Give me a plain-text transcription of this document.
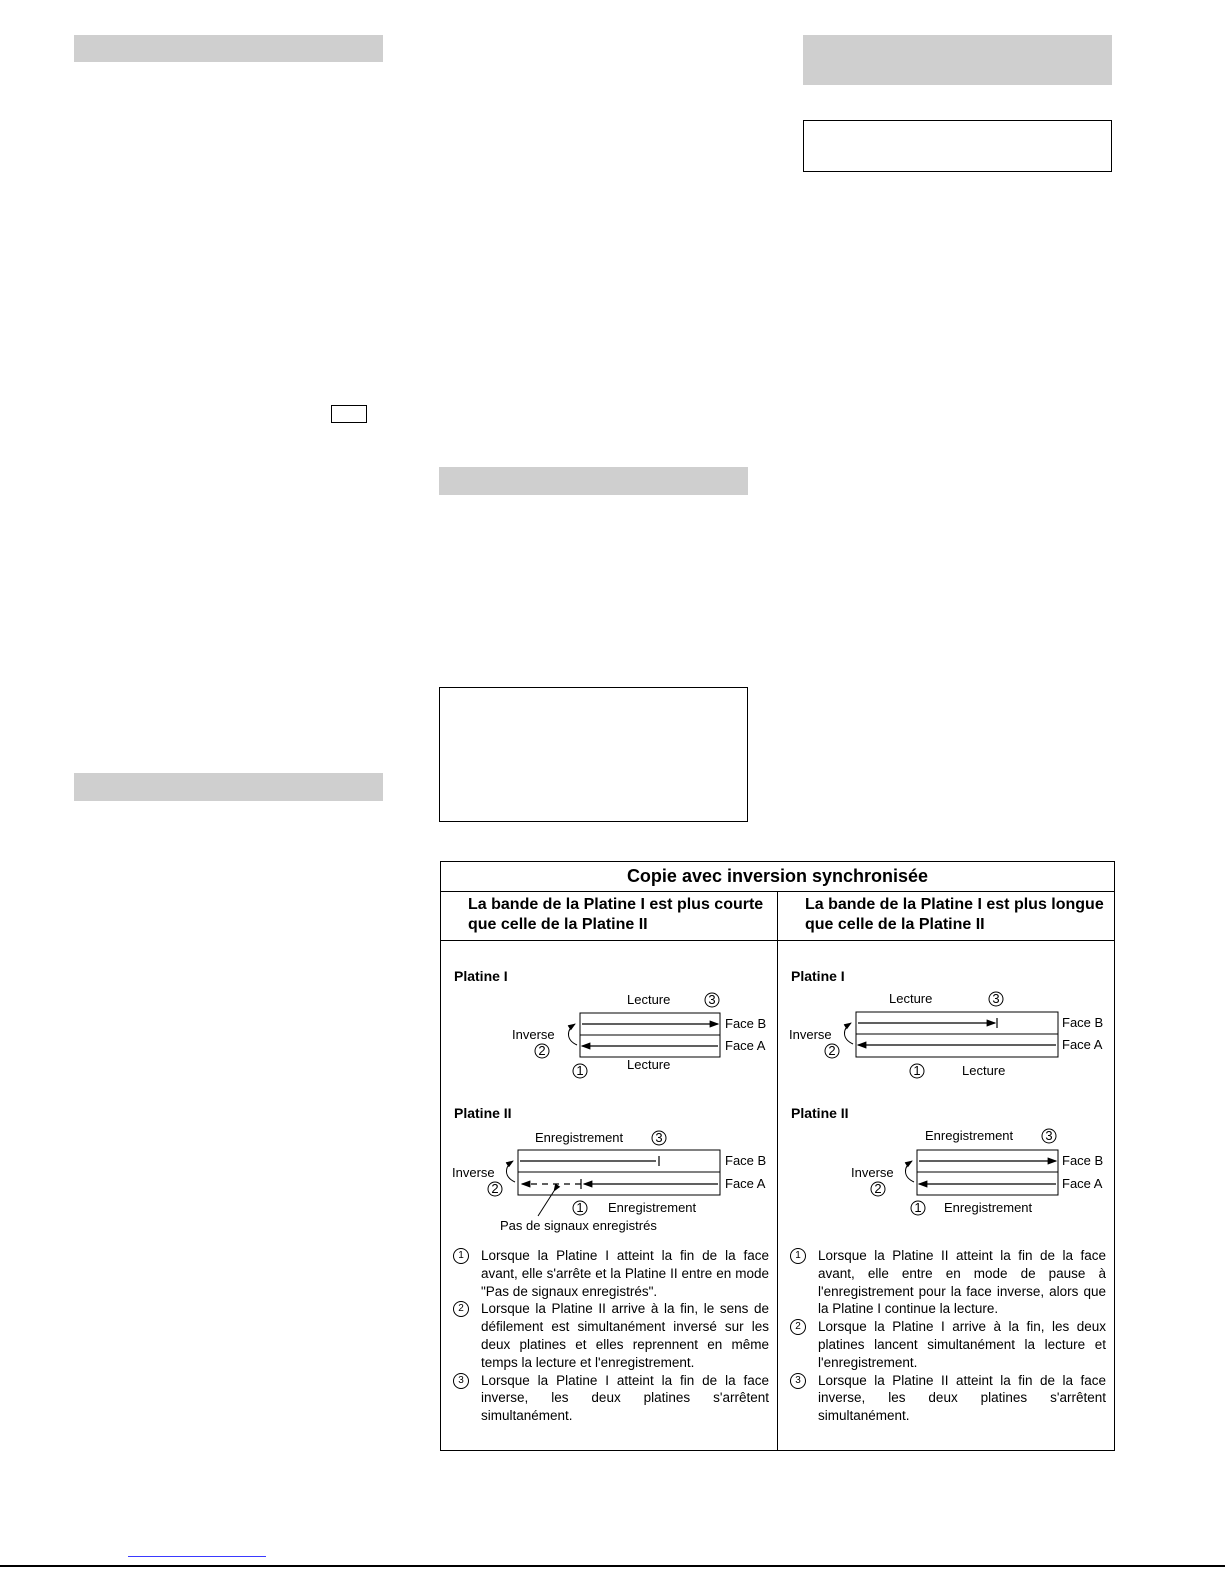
Copie avec inversion synchronisée
La bande de la Platine I est plus courte
que celle de la Platine II
La bande de la Platine I est plus longue
que celle de la Platine II
Platine I
Lecture	3
Face B
Face A
Inverse
2
1	Lecture
Platine II
Enregistrement 3
Face B
Face A
Inverse
2
1 Enregistrement
Pas de signaux enregistrés
Platine I
Lecture	3
Face B
Face A
Inverse
2
1	Lecture
Platine II
Enregistrement 3
Face B
Face A
Inverse
2
1 Enregistrement

1	Lorsque la Platine I atteint la fin de la face avant, elle s'arrête et la Platine II entre en mode "Pas de signaux enregistrés".

2	Lorsque la Platine II arrive à la fin, le sens de défilement est simultanément inversé sur les deux platines et elles reprennent en même temps la lecture et l'enregistrement.

3	Lorsque la Platine I atteint la fin de la face inverse, les deux platines s'arrêtent simultanément.

1	Lorsque la Platine II atteint la fin de la face avant, elle entre en mode de pause à l'enregistrement pour la face inverse, alors que la Platine I continue la lecture.

2	Lorsque la Platine I arrive à la fin, les deux platines lancent simultanément la lecture et l'enregistrement.

3	Lorsque la Platine II atteint la fin de la face inverse, les deux platines s'arrêtent simultanément.
